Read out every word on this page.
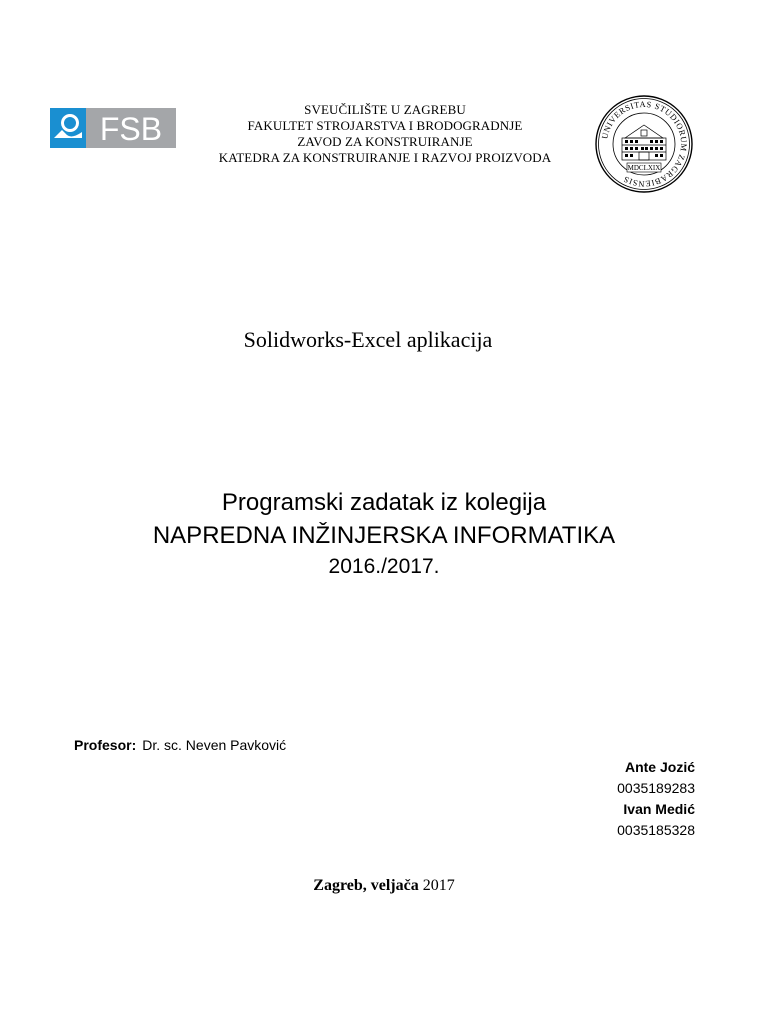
FSB
SVEUČILIŠTE U ZAGREBU
FAKULTET STROJARSTVA I BRODOGRADNJE
ZAVOD ZA KONSTRUIRANJE
KATEDRA ZA KONSTRUIRANJE I RAZVOJ PROIZVODA
UNIVERSITAS STUDIORUM ZAGRABIENSIS
MDCLXIX
Solidworks-Excel aplikacija
Programski zadatak iz kolegija
NAPREDNA INŽINJERSKA INFORMATIKA
2016./2017.
Profesor: Dr. sc. Neven Pavković
Ante Jozić
0035189283
Ivan Medić
0035185328
Zagreb, veljača 2017
